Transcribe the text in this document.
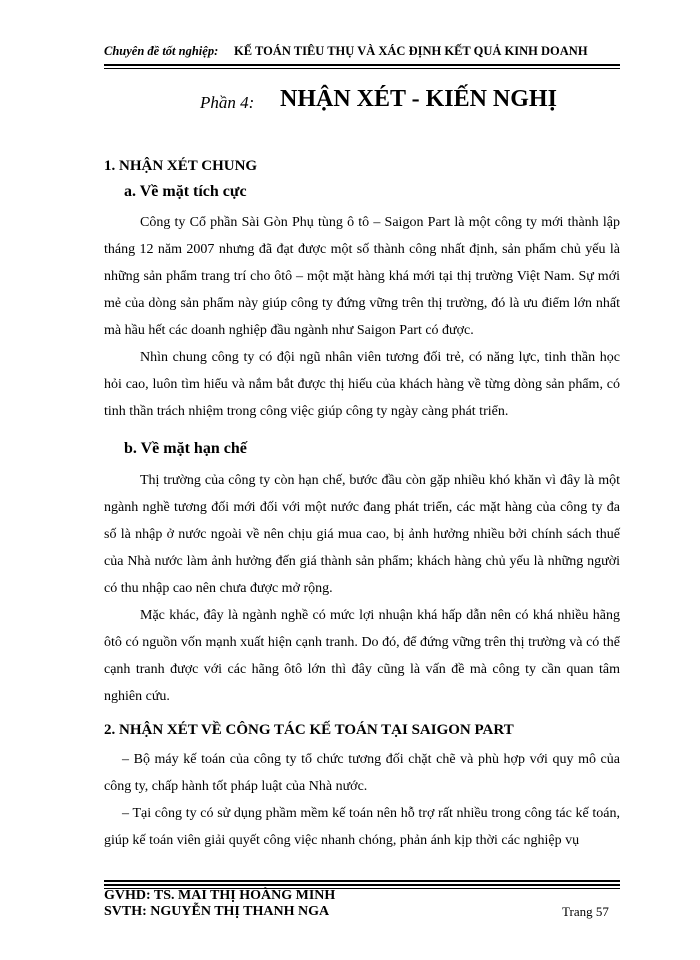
Chuyên đề tốt nghiệp: KẾ TOÁN TIÊU THỤ VÀ XÁC ĐỊNH KẾT QUẢ KINH DOANH
Phần 4: NHẬN XÉT - KIẾN NGHỊ
1. NHẬN XÉT CHUNG
a. Về mặt tích cực
Công ty Cổ phần Sài Gòn Phụ tùng ô tô – Saigon Part là một công ty mới thành lập tháng 12 năm 2007 nhưng đã đạt được một số thành công nhất định, sản phẩm chủ yếu là những sản phẩm trang trí cho ôtô – một mặt hàng khá mới tại thị trường Việt Nam. Sự mới mẻ của dòng sản phẩm này giúp công ty đứng vững trên thị trường, đó là ưu điểm lớn nhất mà hầu hết các doanh nghiệp đầu ngành như Saigon Part có được.
Nhìn chung công ty có đội ngũ nhân viên tương đối trẻ, có năng lực, tinh thần học hỏi cao, luôn tìm hiểu và nắm bắt được thị hiếu của khách hàng về từng dòng sản phẩm, có tinh thần trách nhiệm trong công việc giúp công ty ngày càng phát triển.
b. Về mặt hạn chế
Thị trường của công ty còn hạn chế, bước đầu còn gặp nhiều khó khăn vì đây là một ngành nghề tương đối mới đối với một nước đang phát triển, các mặt hàng của công ty đa số là nhập ở nước ngoài về nên chịu giá mua cao, bị ảnh hưởng nhiều bởi chính sách thuế của Nhà nước làm ảnh hưởng đến giá thành sản phẩm; khách hàng chủ yếu là những người có thu nhập cao nên chưa được mở rộng.
Mặc khác, đây là ngành nghề có mức lợi nhuận khá hấp dẫn nên có khá nhiều hãng ôtô có nguồn vốn mạnh xuất hiện cạnh tranh. Do đó, để đứng vững trên thị trường và có thể cạnh tranh được với các hãng ôtô lớn thì đây cũng là vấn đề mà công ty cần quan tâm nghiên cứu.
2. NHẬN XÉT VỀ CÔNG TÁC KẾ TOÁN TẠI SAIGON PART
– Bộ máy kế toán của công ty tổ chức tương đối chặt chẽ và phù hợp với quy mô của công ty, chấp hành tốt pháp luật của Nhà nước.
– Tại công ty có sử dụng phầm mềm kế toán nên hỗ trợ rất nhiều trong công tác kế toán, giúp kế toán viên giải quyết công việc nhanh chóng, phản ánh kịp thời các nghiệp vụ
GVHD: TS. MAI THỊ HOÀNG MINH
SVTH: NGUYỄN THỊ THANH NGA	Trang 57
